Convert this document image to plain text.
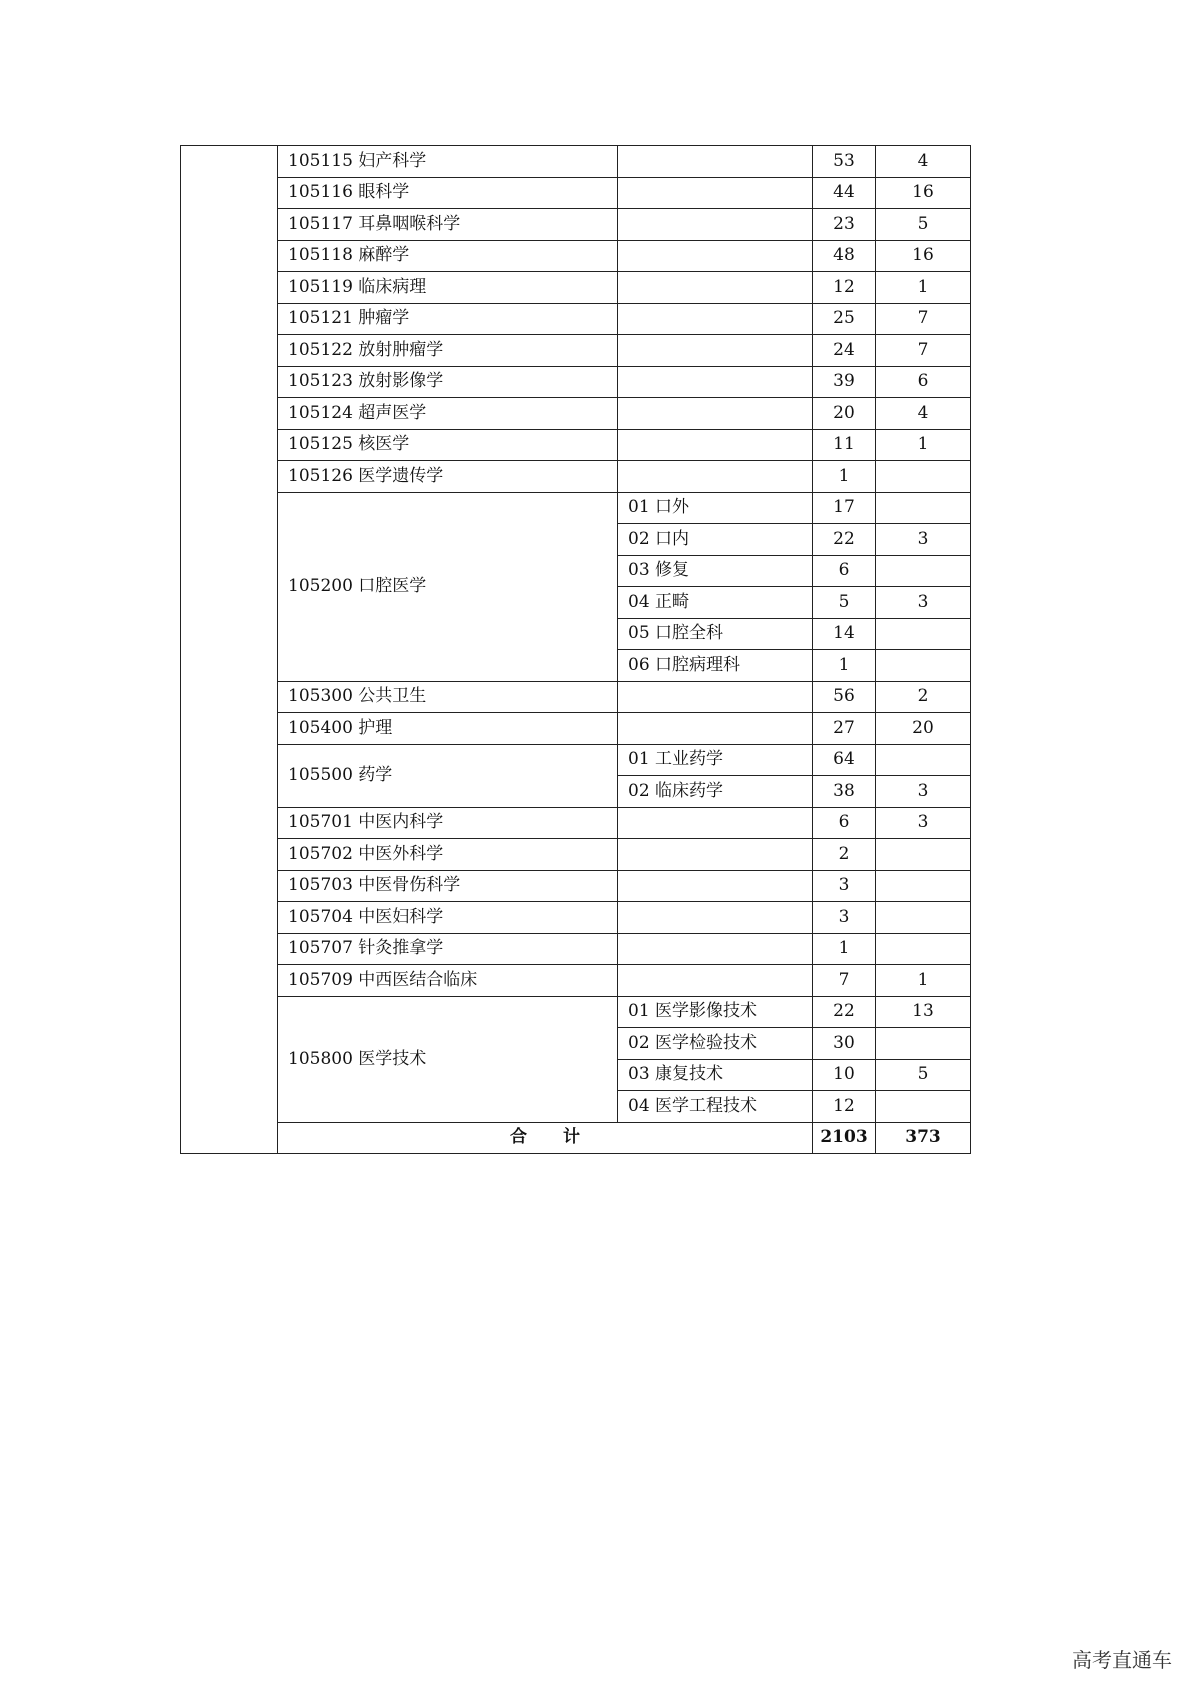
	105115 妇产科学		53	4
	105116 眼科学		44	16
	105117 耳鼻咽喉科学		23	5
	105118 麻醉学		48	16
	105119 临床病理		12	1
	105121 肿瘤学		25	7
	105122 放射肿瘤学		24	7
	105123 放射影像学		39	6
	105124 超声医学		20	4
	105125 核医学		11	1
	105126 医学遗传学		1	
	105200 口腔医学	01 口外	17	
		02 口内	22	3
		03 修复	6	
		04 正畸	5	3
		05 口腔全科	14	
		06 口腔病理科	1	
	105300 公共卫生		56	2
	105400 护理		27	20
	105500 药学	01 工业药学	64	
		02 临床药学	38	3
	105701 中医内科学		6	3
	105702 中医外科学		2	
	105703 中医骨伤科学		3	
	105704 中医妇科学		3	
	105707 针灸推拿学		1	
	105709 中西医结合临床		7	1
	105800 医学技术	01 医学影像技术	22	13
		02 医学检验技术	30	
		03 康复技术	10	5
		04 医学工程技术	12	
	合计		2103	373
高考直通车
